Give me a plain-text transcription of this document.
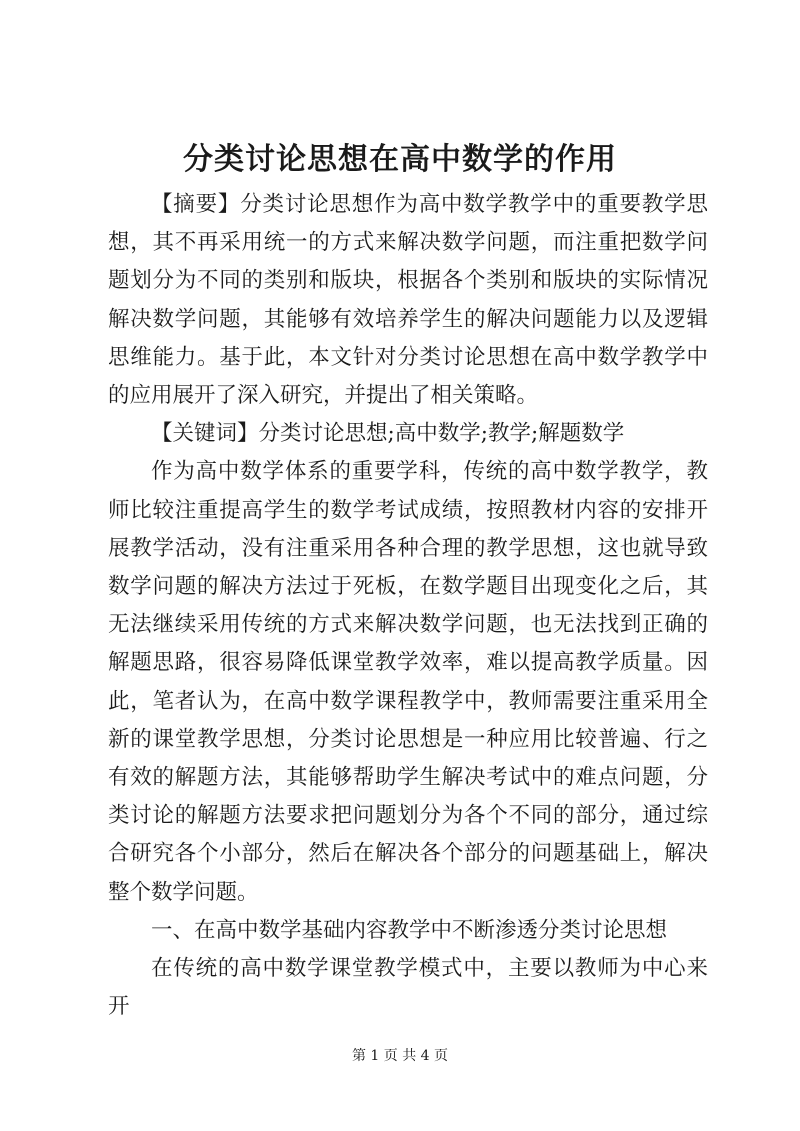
分类讨论思想在高中数学的作用

【摘要】分类讨论思想作为高中数学教学中的重要教学思想，其不再采用统一的方式来解决数学问题，而注重把数学问题划分为不同的类别和版块，根据各个类别和版块的实际情况解决数学问题，其能够有效培养学生的解决问题能力以及逻辑思维能力。基于此，本文针对分类讨论思想在高中数学教学中的应用展开了深入研究，并提出了相关策略。

【关键词】分类讨论思想;高中数学;教学;解题数学

作为高中数学体系的重要学科，传统的高中数学教学，教师比较注重提高学生的数学考试成绩，按照教材内容的安排开展教学活动，没有注重采用各种合理的教学思想，这也就导致数学问题的解决方法过于死板，在数学题目出现变化之后，其无法继续采用传统的方式来解决数学问题，也无法找到正确的解题思路，很容易降低课堂教学效率，难以提高教学质量。因此，笔者认为，在高中数学课程教学中，教师需要注重采用全新的课堂教学思想，分类讨论思想是一种应用比较普遍、行之有效的解题方法，其能够帮助学生解决考试中的难点问题，分类讨论的解题方法要求把问题划分为各个不同的部分，通过综合研究各个小部分，然后在解决各个部分的问题基础上，解决整个数学问题。

一、在高中数学基础内容教学中不断渗透分类讨论思想

在传统的高中数学课堂教学模式中，主要以教师为中心来开

第 1 页 共 4 页
